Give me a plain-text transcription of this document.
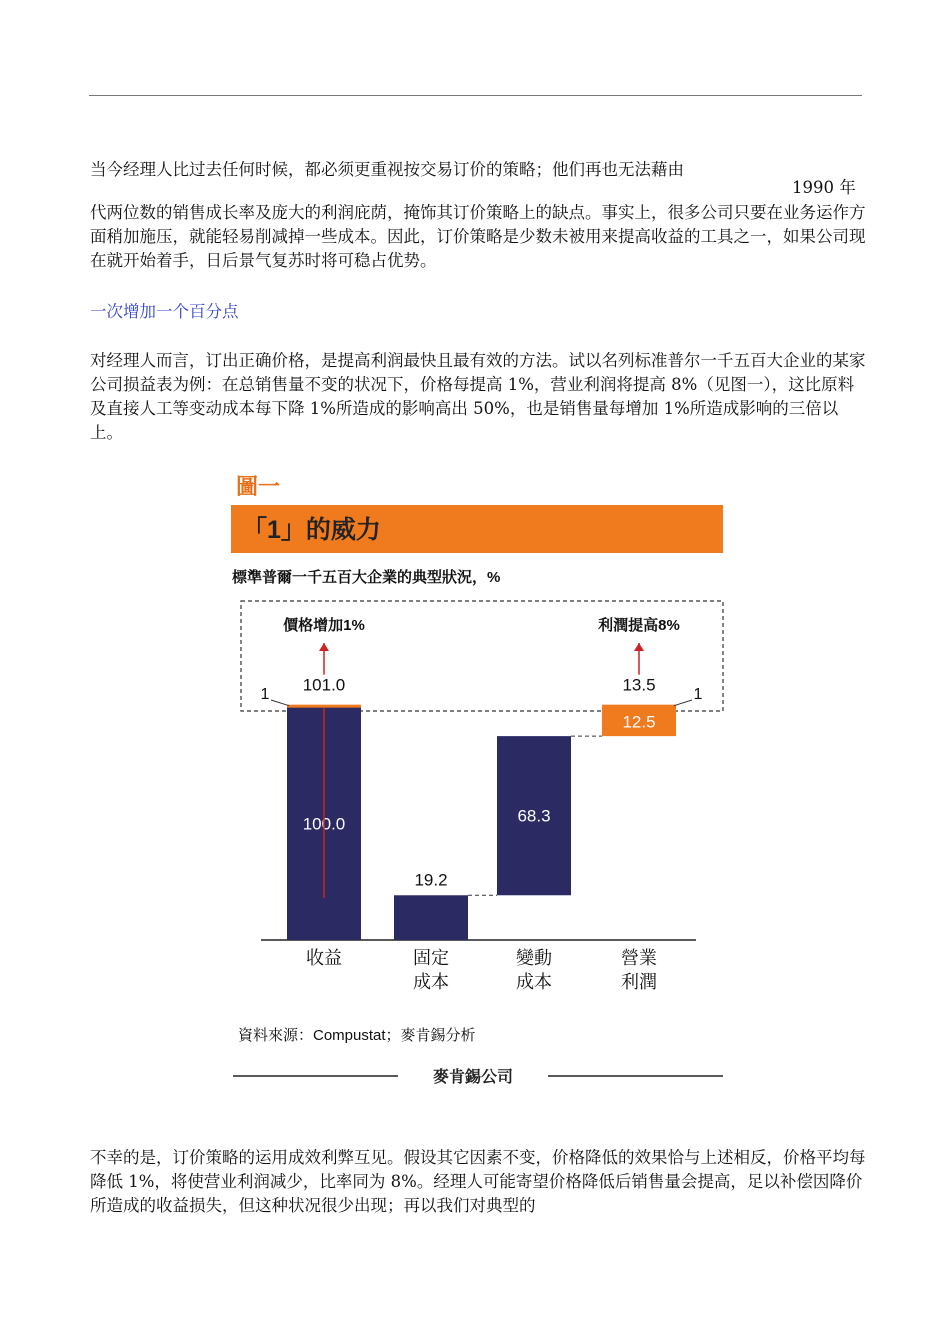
当今经理人比过去任何时候，都必须更重视按交易订价的策略；他们再也无法藉由

1990 年

代两位数的销售成长率及庞大的利润庇荫，掩饰其订价策略上的缺点。事实上，很多公司只要在业务运作方面稍加施压，就能轻易削减掉一些成本。因此，订价策略是少数未被用来提高收益的工具之一，如果公司现在就开始着手，日后景气复苏时将可稳占优势。

一次增加一个百分点

对经理人而言，订出正确价格，是提高利润最快且最有效的方法。试以名列标准普尔一千五百大企业的某家公司损益表为例：在总销售量不变的状况下，价格每提高 1%，营业利润将提高 8%（见图一），这比原料及直接人工等变动成本每下降 1%所造成的影响高出 50%，也是销售量每增加 1%所造成影响的三倍以上。

圖一
「1」的威力
標準普爾一千五百大企業的典型狀況，%
100.0
19.2
68.3
12.5
101.0
價格增加1%
1	13.5
利潤提高8%
1
收益	固定
成本
變動
成本
營業
利潤
資料來源：Compustat；麥肯錫分析
麥肯錫公司

不幸的是，订价策略的运用成效利弊互见。假设其它因素不变，价格降低的效果恰与上述相反，价格平均每降低 1%，将使营业利润减少，比率同为 8%。经理人可能寄望价格降低后销售量会提高，足以补偿因降价所造成的收益损失，但这种状况很少出现；再以我们对典型的
